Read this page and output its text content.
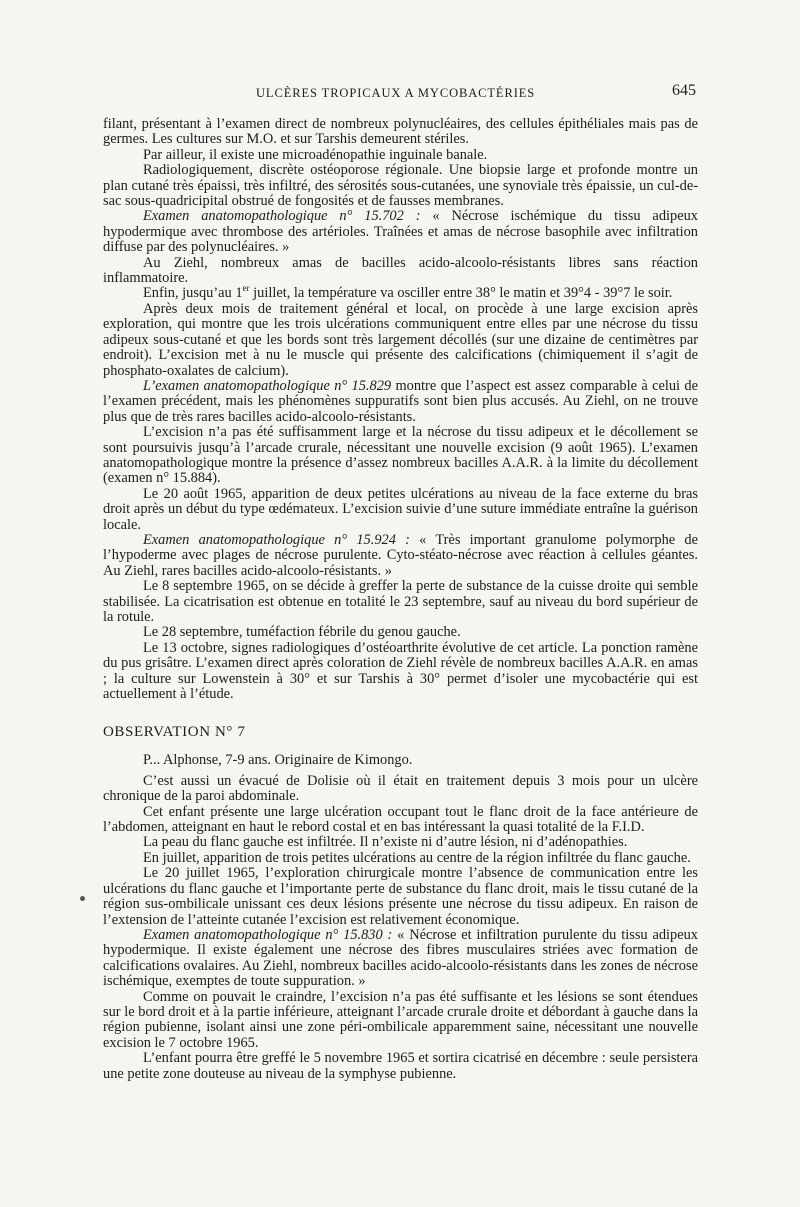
ULCÈRES TROPICAUX A MYCOBACTÉRIES	645

filant, présentant à l’examen direct de nombreux polynucléaires, des cellules épithéliales mais pas de germes. Les cultures sur M.O. et sur Tarshis demeurent stériles.

Par ailleur, il existe une microadénopathie inguinale banale.

Radiologiquement, discrète ostéoporose régionale. Une biopsie large et profonde montre un plan cutané très épaissi, très infiltré, des sérosités sous-cutanées, une synoviale très épaissie, un cul-de-sac sous-quadricipital obstrué de fongosités et de fausses membranes.

Examen anatomopathologique n° 15.702 : « Nécrose ischémique du tissu adipeux hypodermique avec thrombose des artérioles. Traînées et amas de nécrose basophile avec infiltration diffuse par des polynucléaires. »

Au Ziehl, nombreux amas de bacilles acido-alcoolo-résistants libres sans réaction inflammatoire.

Enfin, jusqu’au 1er juillet, la température va osciller entre 38° le matin et 39°4 - 39°7 le soir.

Après deux mois de traitement général et local, on procède à une large excision après exploration, qui montre que les trois ulcérations communiquent entre elles par une nécrose du tissu adipeux sous-cutané et que les bords sont très largement décollés (sur une dizaine de centimètres par endroit). L’excision met à nu le muscle qui présente des calcifications (chimiquement il s’agit de phosphato-oxalates de calcium).

L’examen anatomopathologique n° 15.829 montre que l’aspect est assez comparable à celui de l’examen précédent, mais les phénomènes suppuratifs sont bien plus accusés. Au Ziehl, on ne trouve plus que de très rares bacilles acido-alcoolo-résistants.

L’excision n’a pas été suffisamment large et la nécrose du tissu adipeux et le décollement se sont poursuivis jusqu’à l’arcade crurale, nécessitant une nouvelle excision (9 août 1965). L’examen anatomopathologique montre la présence d’assez nombreux bacilles A.A.R. à la limite du décollement (examen n° 15.884).

Le 20 août 1965, apparition de deux petites ulcérations au niveau de la face externe du bras droit après un début du type œdémateux. L’excision suivie d’une suture immédiate entraîne la guérison locale.

Examen anatomopathologique n° 15.924 : « Très important granulome polymorphe de l’hypoderme avec plages de nécrose purulente. Cyto-stéato-nécrose avec réaction à cellules géantes. Au Ziehl, rares bacilles acido-alcoolo-résistants. »

Le 8 septembre 1965, on se décide à greffer la perte de substance de la cuisse droite qui semble stabilisée. La cicatrisation est obtenue en totalité le 23 septembre, sauf au niveau du bord supérieur de la rotule.

Le 28 septembre, tuméfaction fébrile du genou gauche.

Le 13 octobre, signes radiologiques d’ostéoarthrite évolutive de cet article. La ponction ramène du pus grisâtre. L’examen direct après coloration de Ziehl révèle de nombreux bacilles A.A.R. en amas ; la culture sur Lowenstein à 30° et sur Tarshis à 30° permet d’isoler une mycobactérie qui est actuellement à l’étude.

OBSERVATION N° 7

P... Alphonse, 7-9 ans. Originaire de Kimongo.

C’est aussi un évacué de Dolisie où il était en traitement depuis 3 mois pour un ulcère chronique de la paroi abdominale.

Cet enfant présente une large ulcération occupant tout le flanc droit de la face antérieure de l’abdomen, atteignant en haut le rebord costal et en bas intéressant la quasi totalité de la F.I.D.

La peau du flanc gauche est infiltrée. Il n’existe ni d’autre lésion, ni d’adénopathies.

En juillet, apparition de trois petites ulcérations au centre de la région infiltrée du flanc gauche.

Le 20 juillet 1965, l’exploration chirurgicale montre l’absence de communication entre les ulcérations du flanc gauche et l’importante perte de substance du flanc droit, mais le tissu cutané de la région sus-ombilicale unissant ces deux lésions présente une nécrose du tissu adipeux. En raison de l’extension de l’atteinte cutanée l’excision est relativement économique.

Examen anatomopathologique n° 15.830 : « Nécrose et infiltration purulente du tissu adipeux hypodermique. Il existe également une nécrose des fibres musculaires striées avec formation de calcifications ovalaires. Au Ziehl, nombreux bacilles acido-alcoolo-résistants dans les zones de nécrose ischémique, exemptes de toute suppuration. »

Comme on pouvait le craindre, l’excision n’a pas été suffisante et les lésions se sont étendues sur le bord droit et à la partie inférieure, atteignant l’arcade crurale droite et débordant à gauche dans la région pubienne, isolant ainsi une zone péri-ombilicale apparemment saine, nécessitant une nouvelle excision le 7 octobre 1965.

L’enfant pourra être greffé le 5 novembre 1965 et sortira cicatrisé en décembre : seule persistera une petite zone douteuse au niveau de la symphyse pubienne.
